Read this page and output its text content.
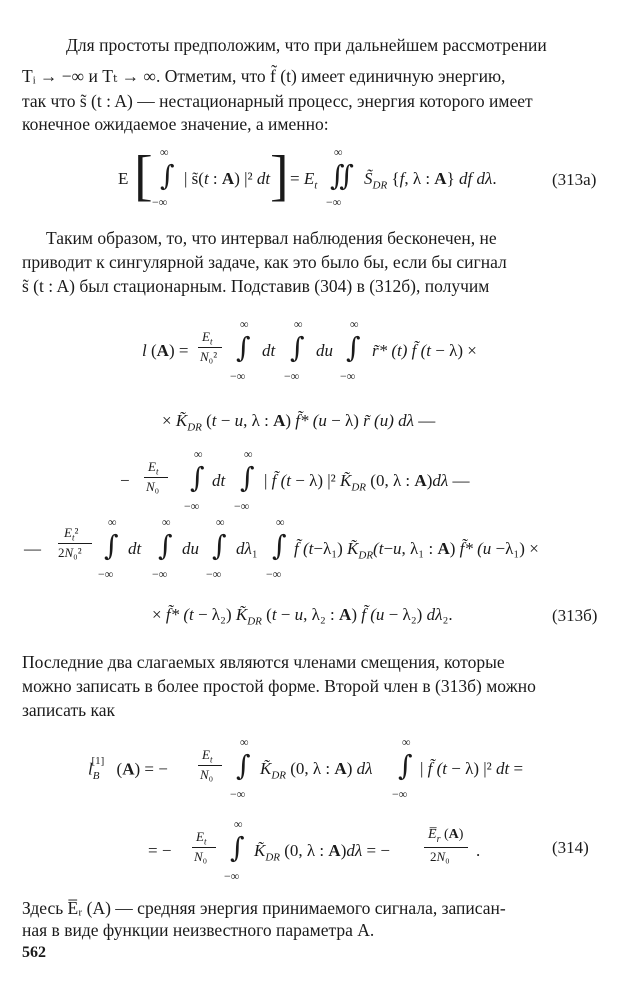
Для простоты предположим, что при дальнейшем рассмотрении
Tᵢ → −∞ и Tₜ → ∞. Отметим, что f̃ (t) имеет единичную энергию,
так что s̃ (t : A) — нестационарный процесс, энергия которого имеет
конечное ожидаемое значение, а именно:
E [ ∫
∞
−∞
| s̃(t : A) |² dt ] = $E_t$ ∬
∞
−∞
$S̃_{DR}$ {f, λ : A} df dλ.	(313а)
Таким образом, то, что интервал наблюдения бесконечен, не
приводит к сингулярной задаче, как это было бы, если бы сигнал
s̃ (t : A) был стационарным. Подставив (304) в (312б), получим
l (A) =
$E_t$
N₀² ∫
∞
−∞
dt ∫
∞
−∞
du ∫
∞
−∞
r̃* (t) f̃ (t − λ) ×
× $K̃_{DR}$ (t − u, λ : A) f̃* (u − λ) r̃ (u) dλ —
−
$E_t$
N₀ ∫
∞
−∞
dt ∫
∞
−∞
| f̃ (t − λ) |² $K̃_{DR}$ (0, λ : A)dλ —
—
$E_t^2$
2N₀² ∫
∞
−∞
dt ∫
∞
−∞
du ∫
∞
−∞
dλ₁ ∫
∞
−∞
f̃ (t−λ₁) $K̃_{DR}(t-u$, λ₁ : A) f̃* (u −λ₁) ×
× f̃* (t − λ₂) $K̃_{DR}$ (t − u, λ₂ : A) f̃ (u − λ₂) dλ₂.	(313б)
Последние два слагаемых являются членами смещения, которые
можно записать в более простой форме. Второй член в (313б) можно
записать как
$l_B[1]$ (A) = −
$E_t$
N₀ ∫
∞
−∞
$K̃_{DR}$ (0, λ : A) dλ ∫
∞
−∞
| f̃ (t − λ) |² dt =
= −
$E_t$
N₀ ∫
∞
−∞
$K̃_{DR}$ (0, λ : A)dλ = −
$E̅_r$ (A)
2N₀ .	(314)
Здесь E̅ᵣ (A) — средняя энергия принимаемого сигнала, записан-
ная в виде функции неизвестного параметра A.
562
